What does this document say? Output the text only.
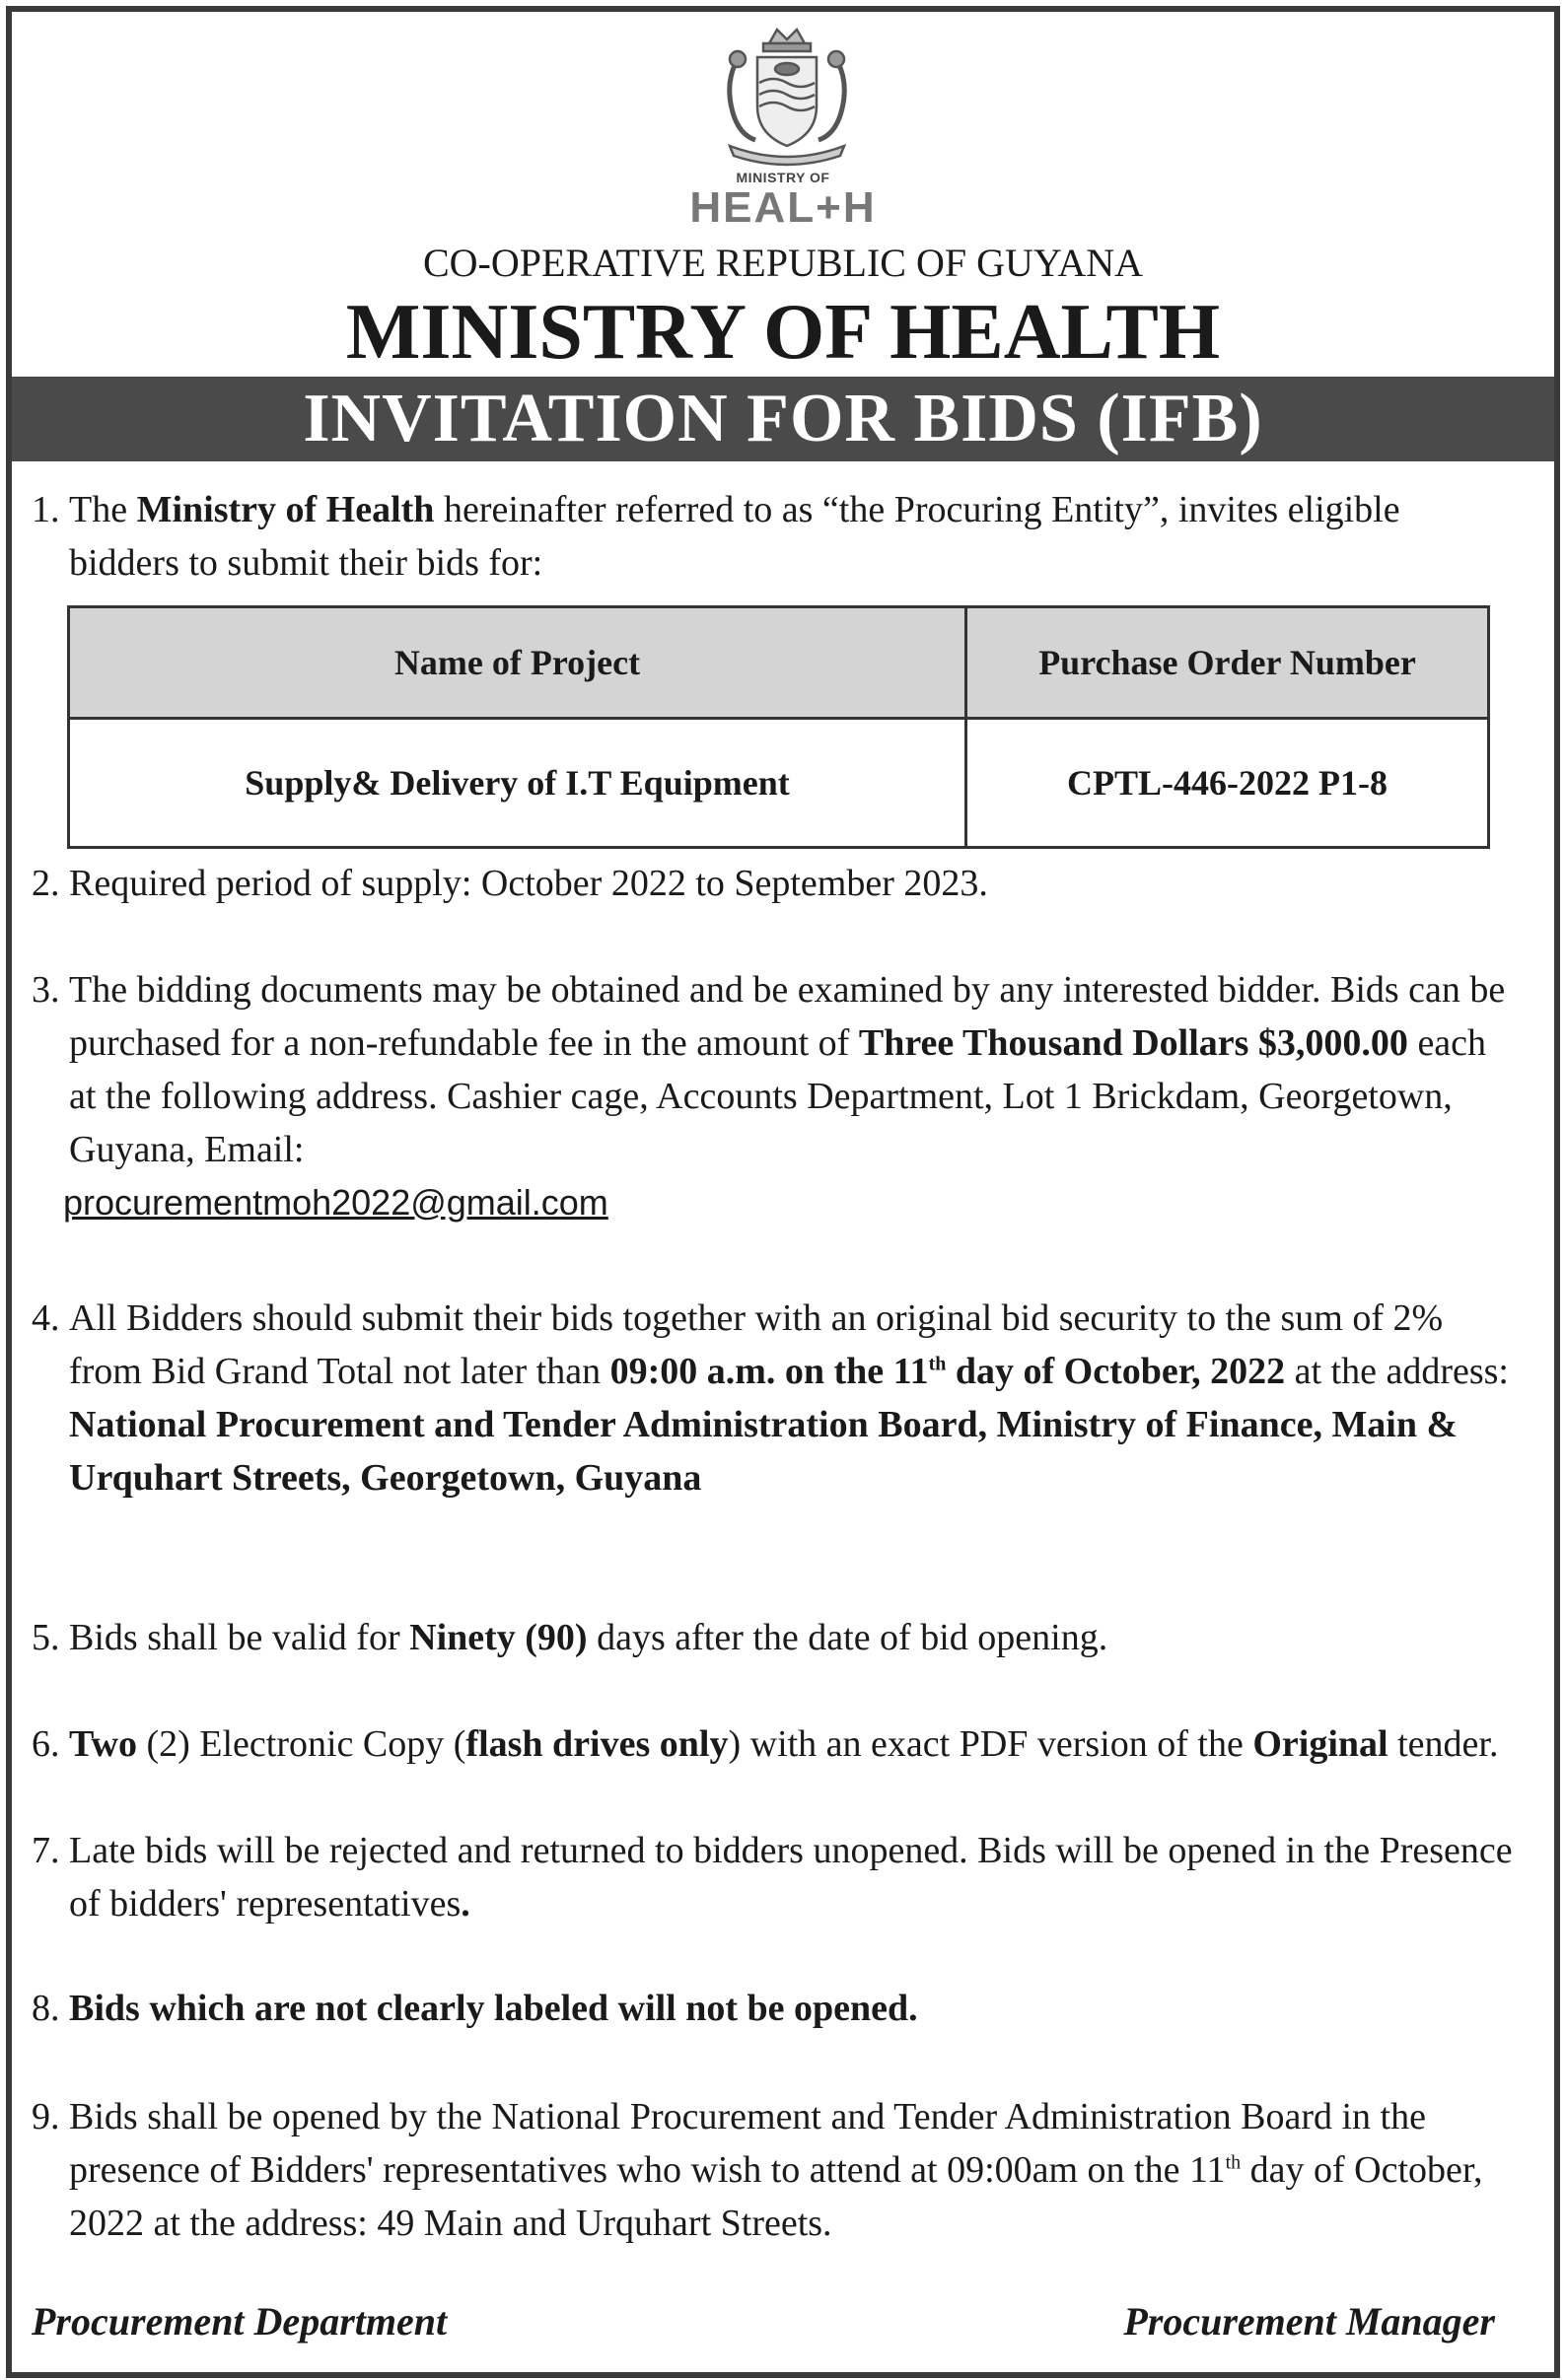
MINISTRY OF
HEAL+H
CO-OPERATIVE REPUBLIC OF GUYANA
MINISTRY OF HEALTH
INVITATION FOR BIDS (IFB)
1. The Ministry of Health hereinafter referred to as “the Procuring Entity”, invites eligible bidders to submit their bids for:
Name of Project	Purchase Order Number
Supply& Delivery of I.T Equipment	CPTL-446-2022 P1-8
2. Required period of supply: October 2022 to September 2023.
3. The bidding documents may be obtained and be examined by any interested bidder. Bids can be purchased for a non-refundable fee in the amount of Three Thousand Dollars $3,000.00 each at the following address. Cashier cage, Accounts Department, Lot 1 Brickdam, Georgetown, Guyana, Email:
procurementmoh2022@gmail.com
4. All Bidders should submit their bids together with an original bid security to the sum of 2% from Bid Grand Total not later than 09:00 a.m. on the 11th day of October, 2022 at the address:
National Procurement and Tender Administration Board, Ministry of Finance, Main & Urquhart Streets, Georgetown, Guyana
5. Bids shall be valid for Ninety (90) days after the date of bid opening.
6. Two (2) Electronic Copy (flash drives only) with an exact PDF version of the Original tender.
7. Late bids will be rejected and returned to bidders unopened. Bids will be opened in the Presence of bidders' representatives.
8. Bids which are not clearly labeled will not be opened.
9. Bids shall be opened by the National Procurement and Tender Administration Board in the presence of Bidders' representatives who wish to attend at 09:00am on the 11th day of October, 2022 at the address: 49 Main and Urquhart Streets.
Procurement Department	Procurement Manager
